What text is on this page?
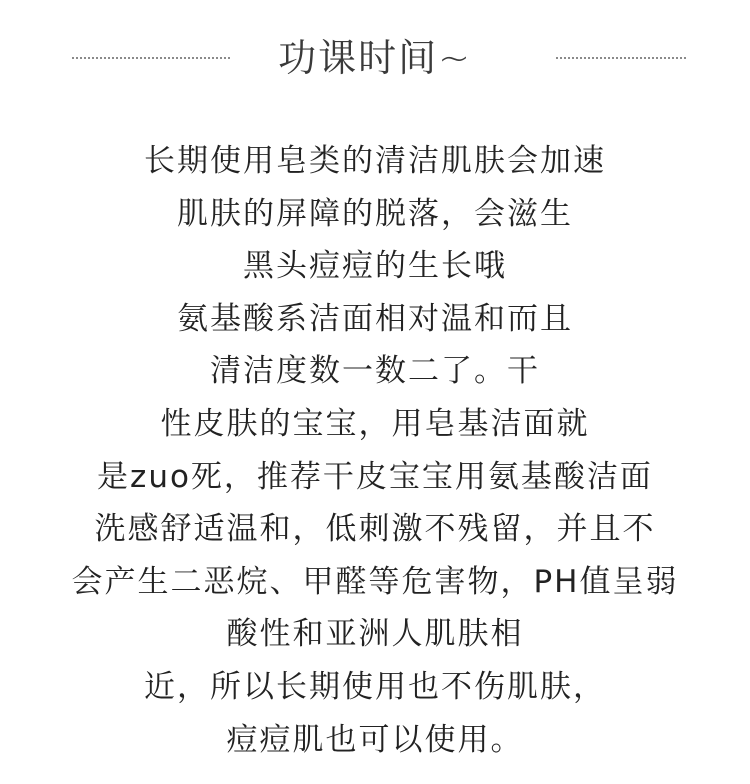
功课时间~
长期使用皂类的清洁肌肤会加速
肌肤的屏障的脱落，会滋生
黑头痘痘的生长哦
氨基酸系洁面相对温和而且
清洁度数一数二了。干
性皮肤的宝宝，用皂基洁面就
是zuo死，推荐干皮宝宝用氨基酸洁面
洗感舒适温和，低刺激不残留，并且不
会产生二恶烷、甲醛等危害物，PH值呈弱
酸性和亚洲人肌肤相
近，所以长期使用也不伤肌肤，
痘痘肌也可以使用。
